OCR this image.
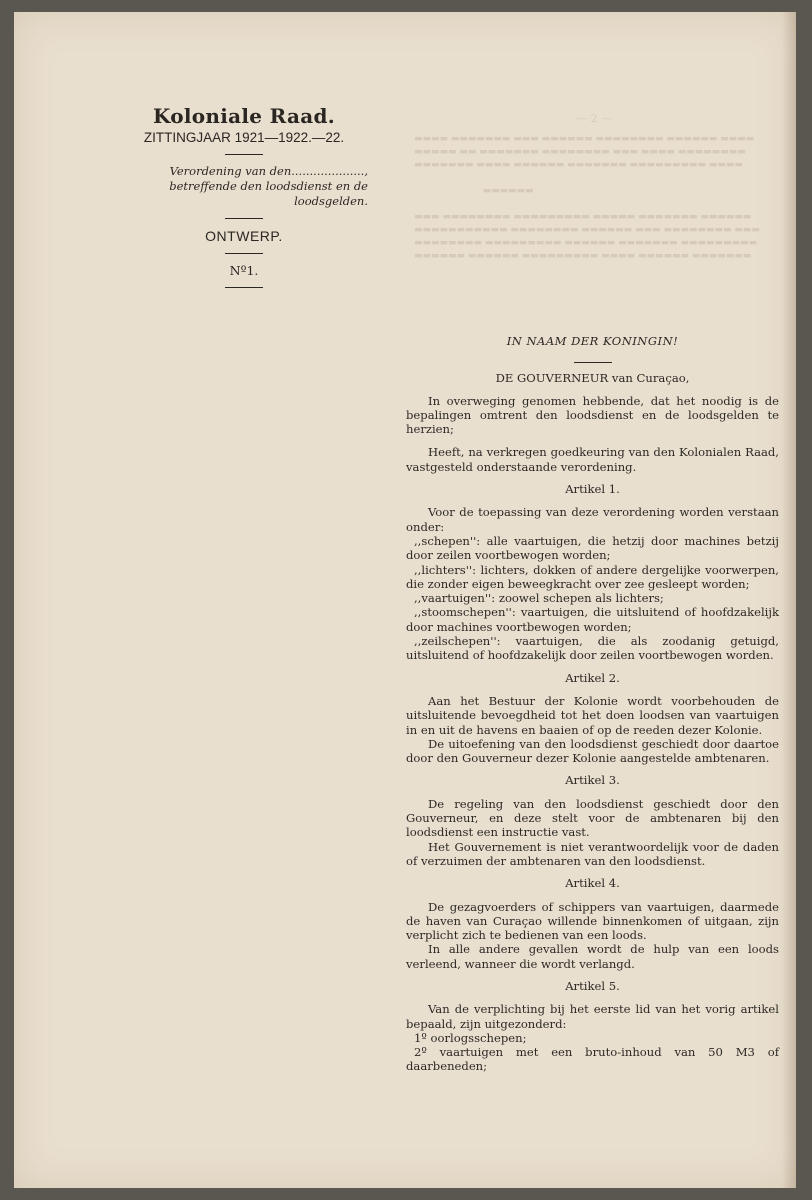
Koloniale Raad.
ZITTINGJAAR 1921—1922.—22.
Verordening van den....................,
betreffende den loodsdienst en de loodsgelden.
ONTWERP.
Nº1.
— 2 —
▬▬▬▬ ▬▬▬▬▬▬▬ ▬▬▬ ▬▬▬▬▬▬ ▬▬▬▬▬▬▬▬ ▬▬▬▬▬▬ ▬▬▬▬
▬▬▬▬▬ ▬▬ ▬▬▬▬▬▬▬ ▬▬▬▬▬▬▬▬ ▬▬▬ ▬▬▬▬ ▬▬▬▬▬▬▬▬
▬▬▬▬▬▬▬ ▬▬▬▬ ▬▬▬▬▬▬ ▬▬▬▬▬▬▬ ▬▬▬▬▬▬▬▬▬ ▬▬▬▬

▬▬▬▬▬▬

▬▬▬ ▬▬▬▬▬▬▬▬ ▬▬▬▬▬▬▬▬▬ ▬▬▬▬▬ ▬▬▬▬▬▬▬ ▬▬▬▬▬▬
▬▬▬▬▬▬▬▬▬▬▬ ▬▬▬▬▬▬▬▬ ▬▬▬▬▬▬ ▬▬▬ ▬▬▬▬▬▬▬▬ ▬▬▬
▬▬▬▬▬▬▬▬ ▬▬▬▬▬▬▬▬▬ ▬▬▬▬▬▬ ▬▬▬▬▬▬▬ ▬▬▬▬▬▬▬▬▬
▬▬▬▬▬▬ ▬▬▬▬▬▬ ▬▬▬▬▬▬▬▬▬ ▬▬▬▬ ▬▬▬▬▬▬ ▬▬▬▬▬▬▬

IN NAAM DER KONINGIN!
DE GOUVERNEUR van Curaçao,

In overweging genomen hebbende, dat het noodig is de bepalingen omtrent den loodsdienst en de loodsgelden te herzien;

Heeft, na verkregen goedkeuring van den Kolonialen Raad, vastgesteld onderstaande verordening.

Artikel 1.

Voor de toepassing van deze verordening worden verstaan onder:

,,schepen'': alle vaartuigen, die hetzij door machines betzij door zeilen voortbewogen worden;

,,lichters'': lichters, dokken of andere dergelijke voorwerpen, die zonder eigen beweegkracht over zee gesleept worden;

,,vaartuigen'': zoowel schepen als lichters;

,,stoomschepen'': vaartuigen, die uitsluitend of hoofdzakelijk door machines voortbewogen worden;

,,zeilschepen'': vaartuigen, die als zoodanig getuigd, uitsluitend of hoofdzakelijk door zeilen voortbewogen worden.

Artikel 2.

Aan het Bestuur der Kolonie wordt voorbehouden de uitsluitende bevoegdheid tot het doen loodsen van vaartuigen in en uit de havens en baaien of op de reeden dezer Kolonie.

De uitoefening van den loodsdienst geschiedt door daartoe door den Gouverneur dezer Kolonie aangestelde ambtenaren.

Artikel 3.

De regeling van den loodsdienst geschiedt door den Gouverneur, en deze stelt voor de ambtenaren bij den loodsdienst een instructie vast.

Het Gouvernement is niet verantwoordelijk voor de daden of verzuimen der ambtenaren van den loodsdienst.

Artikel 4.

De gezagvoerders of schippers van vaartuigen, daarmede de haven van Curaçao willende binnenkomen of uitgaan, zijn verplicht zich te bedienen van een loods.

In alle andere gevallen wordt de hulp van een loods verleend, wanneer die wordt verlangd.

Artikel 5.

Van de verplichting bij het eerste lid van het vorig artikel bepaald, zijn uitgezonderd:

1º oorlogsschepen;

2º vaartuigen met een bruto-inhoud van 50 M3 of daarbeneden;
